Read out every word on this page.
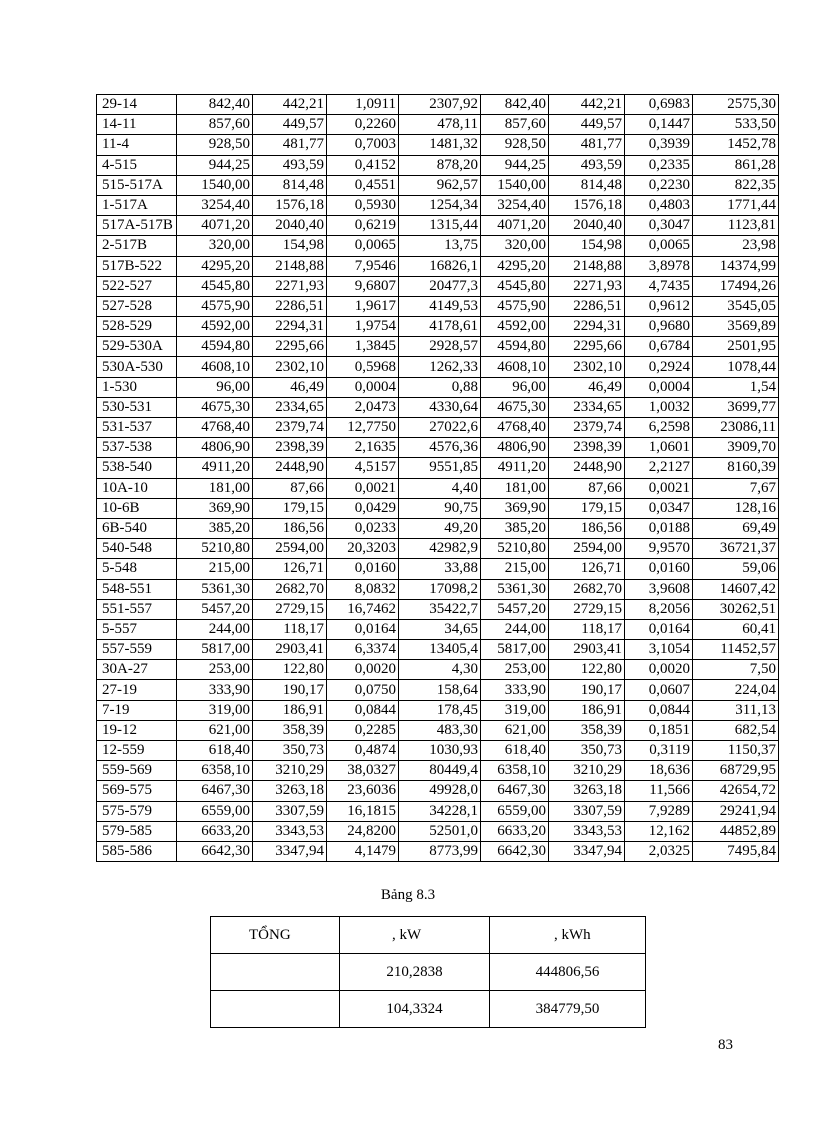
29-14	842,40	442,21	1,0911	2307,92	842,40	442,21	0,6983	2575,30
14-11	857,60	449,57	0,2260	478,11	857,60	449,57	0,1447	533,50
11-4	928,50	481,77	0,7003	1481,32	928,50	481,77	0,3939	1452,78
4-515	944,25	493,59	0,4152	878,20	944,25	493,59	0,2335	861,28
515-517A	1540,00	814,48	0,4551	962,57	1540,00	814,48	0,2230	822,35
1-517A	3254,40	1576,18	0,5930	1254,34	3254,40	1576,18	0,4803	1771,44
517A-517B	4071,20	2040,40	0,6219	1315,44	4071,20	2040,40	0,3047	1123,81
2-517B	320,00	154,98	0,0065	13,75	320,00	154,98	0,0065	23,98
517B-522	4295,20	2148,88	7,9546	16826,1	4295,20	2148,88	3,8978	14374,99
522-527	4545,80	2271,93	9,6807	20477,3	4545,80	2271,93	4,7435	17494,26
527-528	4575,90	2286,51	1,9617	4149,53	4575,90	2286,51	0,9612	3545,05
528-529	4592,00	2294,31	1,9754	4178,61	4592,00	2294,31	0,9680	3569,89
529-530A	4594,80	2295,66	1,3845	2928,57	4594,80	2295,66	0,6784	2501,95
530A-530	4608,10	2302,10	0,5968	1262,33	4608,10	2302,10	0,2924	1078,44
1-530	96,00	46,49	0,0004	0,88	96,00	46,49	0,0004	1,54
530-531	4675,30	2334,65	2,0473	4330,64	4675,30	2334,65	1,0032	3699,77
531-537	4768,40	2379,74	12,7750	27022,6	4768,40	2379,74	6,2598	23086,11
537-538	4806,90	2398,39	2,1635	4576,36	4806,90	2398,39	1,0601	3909,70
538-540	4911,20	2448,90	4,5157	9551,85	4911,20	2448,90	2,2127	8160,39
10A-10	181,00	87,66	0,0021	4,40	181,00	87,66	0,0021	7,67
10-6B	369,90	179,15	0,0429	90,75	369,90	179,15	0,0347	128,16
6B-540	385,20	186,56	0,0233	49,20	385,20	186,56	0,0188	69,49
540-548	5210,80	2594,00	20,3203	42982,9	5210,80	2594,00	9,9570	36721,37
5-548	215,00	126,71	0,0160	33,88	215,00	126,71	0,0160	59,06
548-551	5361,30	2682,70	8,0832	17098,2	5361,30	2682,70	3,9608	14607,42
551-557	5457,20	2729,15	16,7462	35422,7	5457,20	2729,15	8,2056	30262,51
5-557	244,00	118,17	0,0164	34,65	244,00	118,17	0,0164	60,41
557-559	5817,00	2903,41	6,3374	13405,4	5817,00	2903,41	3,1054	11452,57
30A-27	253,00	122,80	0,0020	4,30	253,00	122,80	0,0020	7,50
27-19	333,90	190,17	0,0750	158,64	333,90	190,17	0,0607	224,04
7-19	319,00	186,91	0,0844	178,45	319,00	186,91	0,0844	311,13
19-12	621,00	358,39	0,2285	483,30	621,00	358,39	0,1851	682,54
12-559	618,40	350,73	0,4874	1030,93	618,40	350,73	0,3119	1150,37
559-569	6358,10	3210,29	38,0327	80449,4	6358,10	3210,29	18,636	68729,95
569-575	6467,30	3263,18	23,6036	49928,0	6467,30	3263,18	11,566	42654,72
575-579	6559,00	3307,59	16,1815	34228,1	6559,00	3307,59	7,9289	29241,94
579-585	6633,20	3343,53	24,8200	52501,0	6633,20	3343,53	12,162	44852,89
585-586	6642,30	3347,94	4,1479	8773,99	6642,30	3347,94	2,0325	7495,84
Bảng 8.3
TỔNG	, kW	, kWh
	210,2838	444806,56
	104,3324	384779,50
83
